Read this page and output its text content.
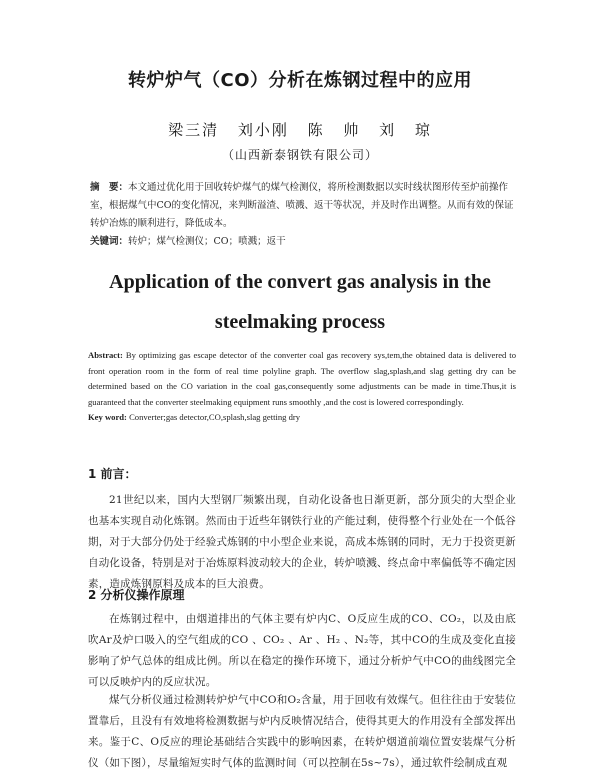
转炉炉气（CO）分析在炼钢过程中的应用
梁三清 刘小刚 陈 帅 刘 琼
（山西新泰钢铁有限公司）
摘　要：本文通过优化用于回收转炉煤气的煤气检测仪，将所检测数据以实时线状图形传至炉前操作室，根据煤气中CO的变化情况，来判断溢渣、喷溅、返干等状况，并及时作出调整。从而有效的保证转炉冶炼的顺利进行，降低成本。
关键词：转炉；煤气检测仪；CO；喷溅；返干
Application of the convert gas analysis in the steelmaking process
Abstract: By optimizing gas escape detector of the converter coal gas recovery sys,tem,the obtained data is delivered to front operation room in the form of real time polyline graph. The overflow slag,splash,and slag getting dry can be determined based on the CO variation in the coal gas,consequently some adjustments can be made in time.Thus,it is guaranteed that the converter steelmaking equipment runs smoothly ,and the cost is lowered correspondingly.
Key word: Converter;gas detector,CO,splash,slag getting dry
1 前言：
21世纪以来，国内大型钢厂频繁出现，自动化设备也日渐更新，部分顶尖的大型企业也基本实现自动化炼钢。然而由于近些年钢铁行业的产能过剩，使得整个行业处在一个低谷期，对于大部分仍处于经验式炼钢的中小型企业来说，高成本炼钢的同时，无力于投资更新自动化设备，特别是对于冶炼原料波动较大的企业，转炉喷溅、终点命中率偏低等不确定因素，造成炼钢原料及成本的巨大浪费。
2 分析仪操作原理
在炼钢过程中，由烟道排出的气体主要有炉内C、O反应生成的CO、CO₂，以及由底吹Ar及炉口吸入的空气组成的CO 、CO₂ 、Ar 、H₂ 、N₂等，其中CO的生成及变化直接影响了炉气总体的组成比例。所以在稳定的操作环境下，通过分析炉气中CO的曲线图完全可以反映炉内的反应状况。
煤气分析仪通过检测转炉炉气中CO和O₂含量，用于回收有效煤气。但往往由于安装位置靠后，且没有有效地将检测数据与炉内反映情况结合，使得其更大的作用没有全部发挥出来。鉴于C、O反应的理论基础结合实践中的影响因素，在转炉烟道前端位置安装煤气分析仪（如下图），尽量缩短实时气体的监测时间（可以控制在5s~7s），通过软件绘制成直观
